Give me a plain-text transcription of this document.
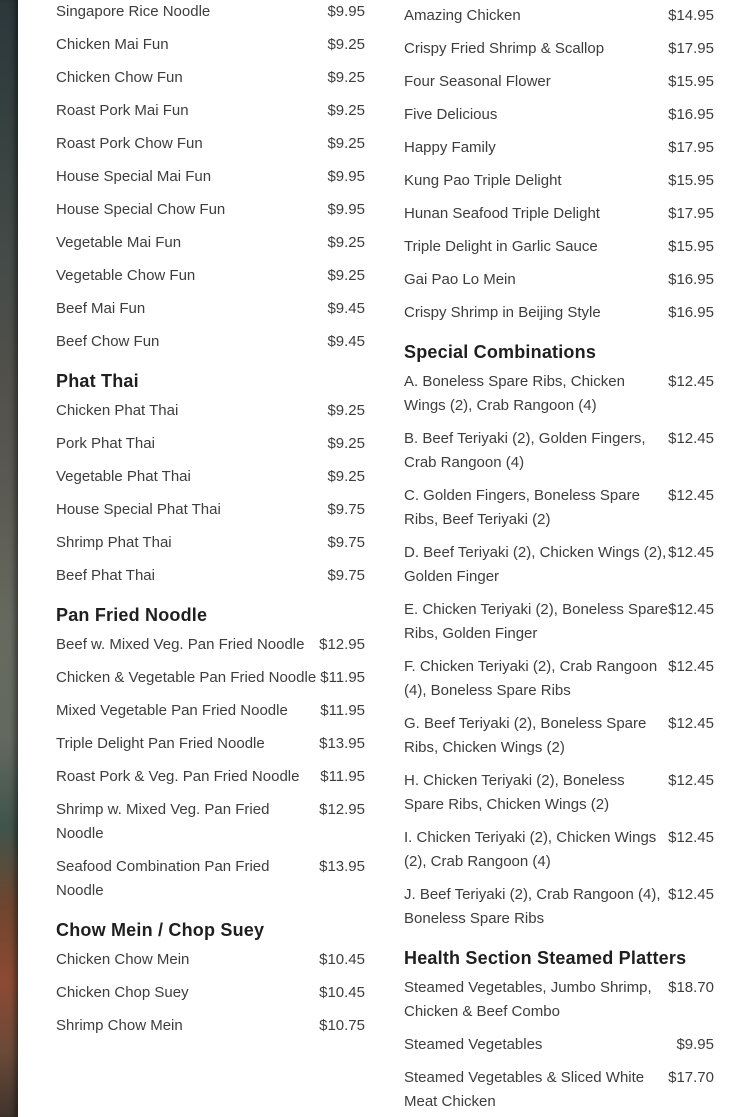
Singapore Rice Noodle	$9.95
Chicken Mai Fun	$9.25
Chicken Chow Fun	$9.25
Roast Pork Mai Fun	$9.25
Roast Pork Chow Fun	$9.25
House Special Mai Fun	$9.95
House Special Chow Fun	$9.95
Vegetable Mai Fun	$9.25
Vegetable Chow Fun	$9.25
Beef Mai Fun	$9.45
Beef Chow Fun	$9.45
Phat Thai
Chicken Phat Thai	$9.25
Pork Phat Thai	$9.25
Vegetable Phat Thai	$9.25
House Special Phat Thai	$9.75
Shrimp Phat Thai	$9.75
Beef Phat Thai	$9.75
Pan Fried Noodle
Beef w. Mixed Veg. Pan Fried Noodle $12.95
Chicken & Vegetable Pan Fried Noodle $11.95
Mixed Vegetable Pan Fried Noodle	$11.95
Triple Delight Pan Fried Noodle	$13.95
Roast Pork & Veg. Pan Fried Noodle	$11.95
Shrimp w. Mixed Veg. Pan Fried Noodle
$12.95
Seafood Combination Pan Fried Noodle
$13.95
Chow Mein / Chop Suey
Chicken Chow Mein	$10.45
Chicken Chop Suey	$10.45
Shrimp Chow Mein	$10.75
Amazing Chicken	$14.95
Crispy Fried Shrimp & Scallop	$17.95
Four Seasonal Flower	$15.95
Five Delicious	$16.95
Happy Family	$17.95
Kung Pao Triple Delight	$15.95
Hunan Seafood Triple Delight	$17.95
Triple Delight in Garlic Sauce	$15.95
Gai Pao Lo Mein	$16.95
Crispy Shrimp in Beijing Style	$16.95
Special Combinations
A. Boneless Spare Ribs, Chicken Wings (2), Crab Rangoon (4)
$12.45
B. Beef Teriyaki (2), Golden Fingers, Crab Rangoon (4)
$12.45
C. Golden Fingers, Boneless Spare Ribs, Beef Teriyaki (2)
$12.45
D. Beef Teriyaki (2), Chicken Wings (2), Golden Finger
$12.45
E. Chicken Teriyaki (2), Boneless Spare Ribs, Golden Finger
$12.45
F. Chicken Teriyaki (2), Crab Rangoon (4), Boneless Spare Ribs
$12.45
G. Beef Teriyaki (2), Boneless Spare Ribs, Chicken Wings (2)
$12.45
H. Chicken Teriyaki (2), Boneless Spare Ribs, Chicken Wings (2)
$12.45
I. Chicken Teriyaki (2), Chicken Wings (2), Crab Rangoon (4)
$12.45
J. Beef Teriyaki (2), Crab Rangoon (4), Boneless Spare Ribs
$12.45
Health Section Steamed Platters
Steamed Vegetables, Jumbo Shrimp, Chicken & Beef Combo
$18.70
Steamed Vegetables	$9.95
Steamed Vegetables & Sliced White Meat Chicken
$17.70
